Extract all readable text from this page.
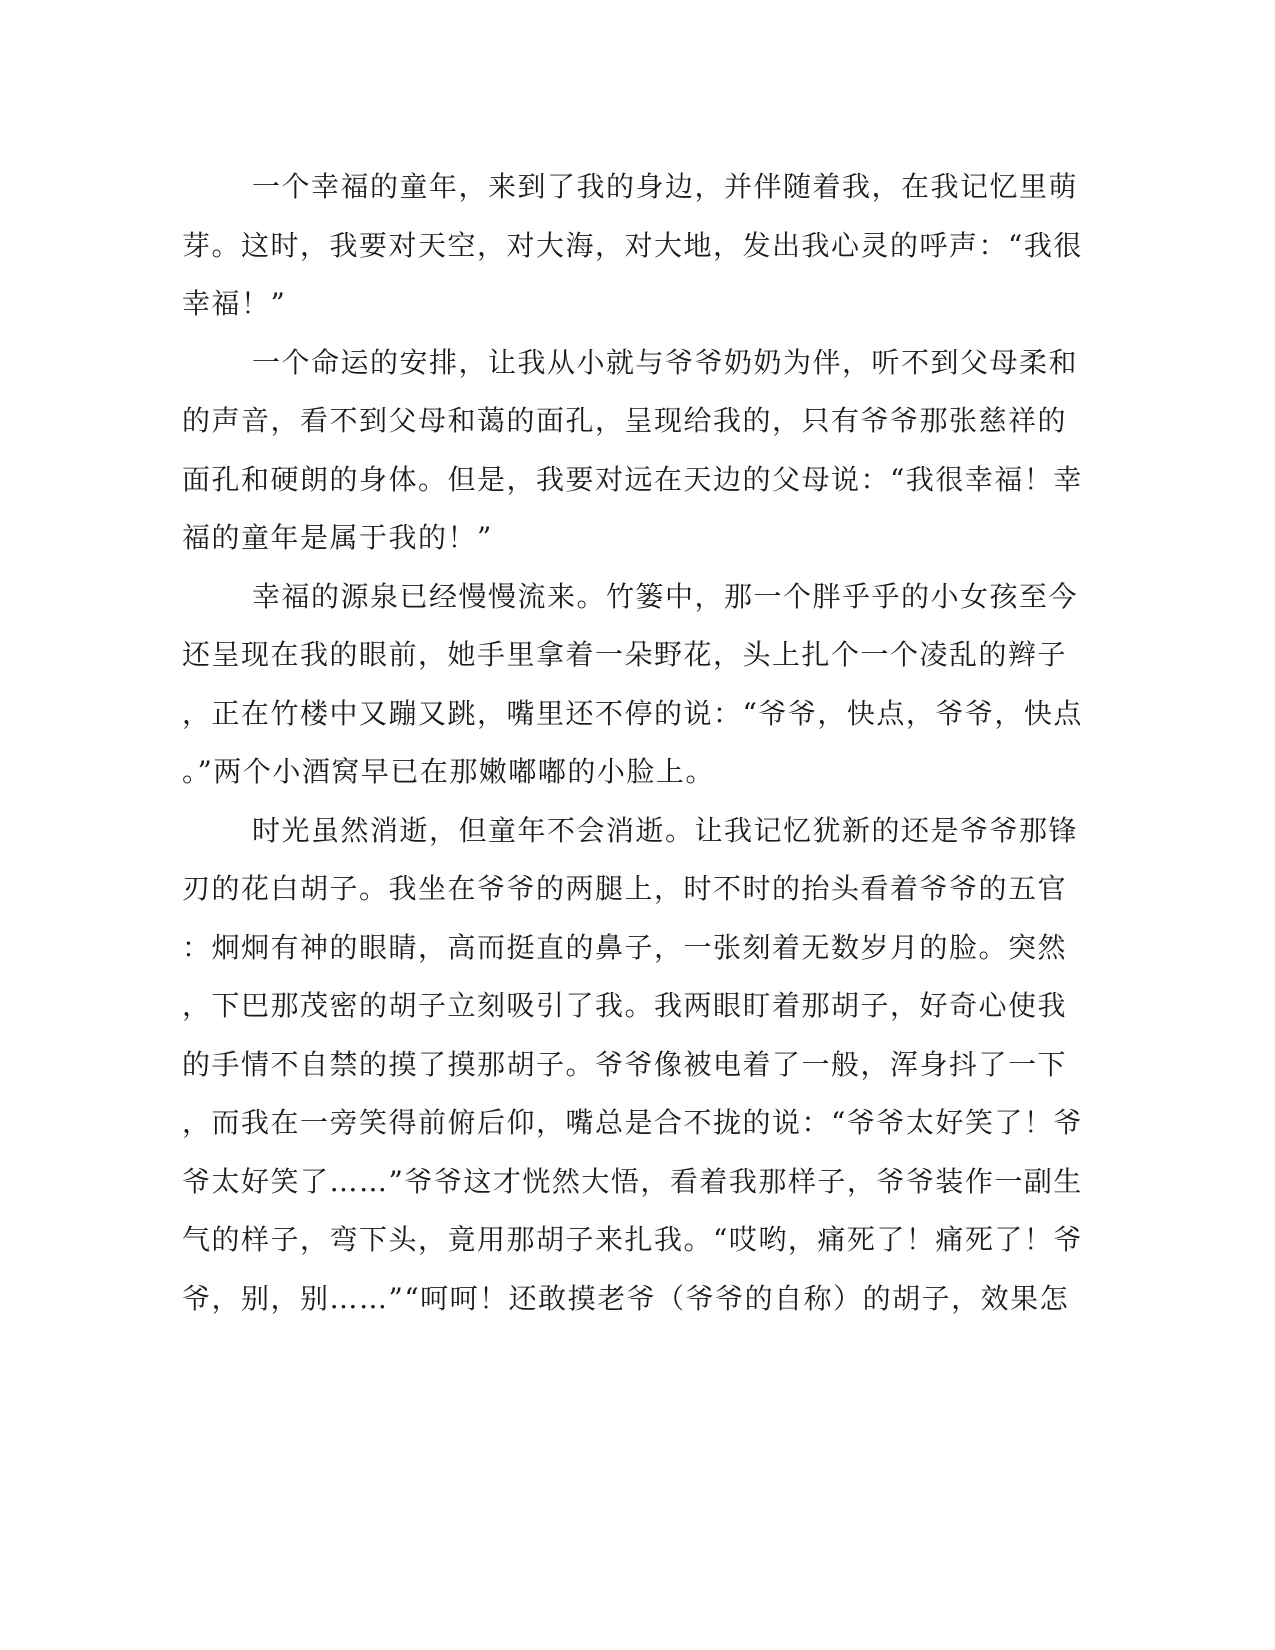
一个幸福的童年，来到了我的身边，并伴随着我，在我记忆里萌
芽。这时，我要对天空，对大海，对大地，发出我心灵的呼声：“我很
幸福！”
一个命运的安排，让我从小就与爷爷奶奶为伴，听不到父母柔和
的声音，看不到父母和蔼的面孔，呈现给我的，只有爷爷那张慈祥的
面孔和硬朗的身体。但是，我要对远在天边的父母说：“我很幸福！幸
福的童年是属于我的！”
幸福的源泉已经慢慢流来。竹篓中，那一个胖乎乎的小女孩至今
还呈现在我的眼前，她手里拿着一朵野花，头上扎个一个凌乱的辫子
，正在竹楼中又蹦又跳，嘴里还不停的说：“爷爷，快点，爷爷，快点
。”两个小酒窝早已在那嫩嘟嘟的小脸上。
时光虽然消逝，但童年不会消逝。让我记忆犹新的还是爷爷那锋
刃的花白胡子。我坐在爷爷的两腿上，时不时的抬头看着爷爷的五官
：炯炯有神的眼睛，高而挺直的鼻子，一张刻着无数岁月的脸。突然
，下巴那茂密的胡子立刻吸引了我。我两眼盯着那胡子，好奇心使我
的手情不自禁的摸了摸那胡子。爷爷像被电着了一般，浑身抖了一下
，而我在一旁笑得前俯后仰，嘴总是合不拢的说：“爷爷太好笑了！爷
爷太好笑了……”爷爷这才恍然大悟，看着我那样子，爷爷装作一副生
气的样子，弯下头，竟用那胡子来扎我。“哎哟，痛死了！痛死了！爷
爷，别，别……”“呵呵！还敢摸老爷（爷爷的自称）的胡子，效果怎
